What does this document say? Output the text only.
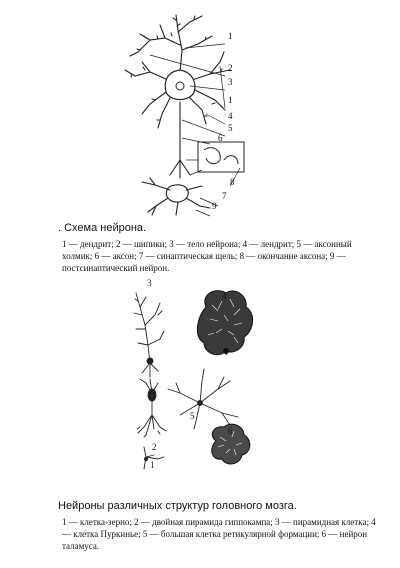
1
2
3
1
4
5
6
8
7
9
. Схема нейрона.
1 — дендрит; 2 — шипики; 3 — тело нейрона; 4 — лендрит; 5 — аксонный холмик; 6 — аксон; 7 — синаптическая щель; 8 — окончание аксона; 9 — постсинаптический нейрон.
3
4
5
2
6
1
Нейроны различных структур головного мозга.
1 — клетка-зерно; 2 — двойная пирамида гиппокампа; 3 — пирамидная клетка; 4 — клетка Пуркинье; 5 — большая клетка ретикулярной формации; 6 — нейрон таламуса.
